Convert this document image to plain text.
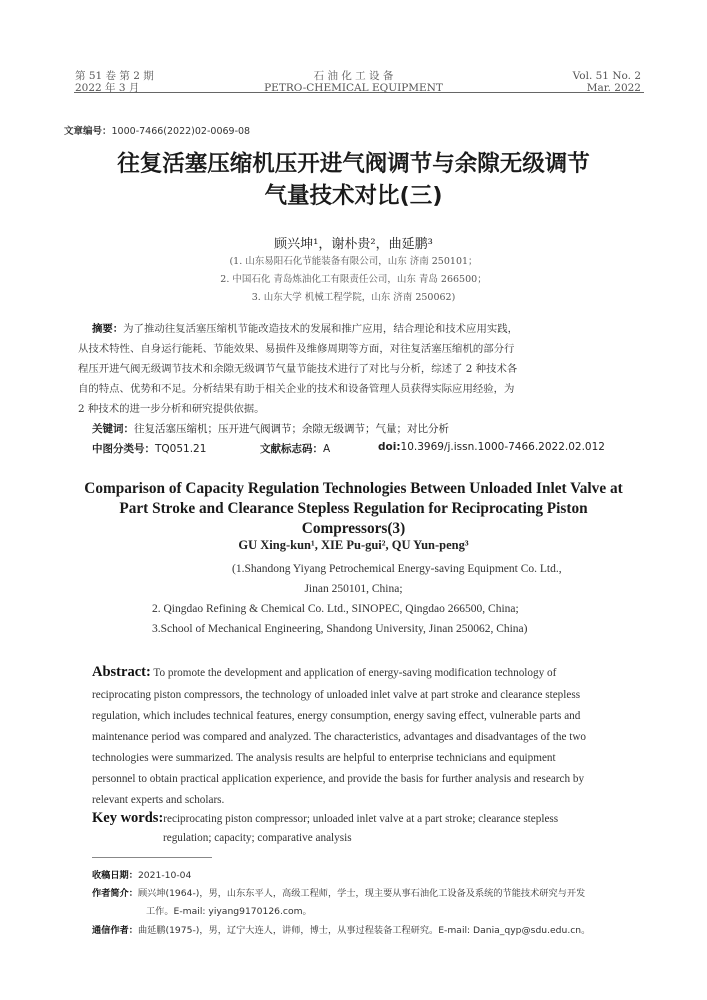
第 51 卷 第 2 期
2022 年 3 月
石 油 化 工 设 备
PETRO-CHEMICAL EQUIPMENT
Vol. 51 No. 2
Mar. 2022
文章编号：1000-7466(2022)02-0069-08
往复活塞压缩机压开进气阀调节与余隙无级调节
气量技术对比(三)
顾兴坤¹，谢朴贵²，曲延鹏³
(1. 山东易阳石化节能装备有限公司，山东 济南 250101；
2. 中国石化 青岛炼油化工有限责任公司，山东 青岛 266500；
3. 山东大学 机械工程学院，山东 济南 250062)
摘要：为了推动往复活塞压缩机节能改造技术的发展和推广应用，结合理论和技术应用实践，
从技术特性、自身运行能耗、节能效果、易损件及维修周期等方面，对往复活塞压缩机的部分行
程压开进气阀无级调节技术和余隙无级调节气量节能技术进行了对比与分析，综述了 2 种技术各
自的特点、优势和不足。分析结果有助于相关企业的技术和设备管理人员获得实际应用经验，为
2 种技术的进一步分析和研究提供依据。
关键词：往复活塞压缩机；压开进气阀调节；余隙无级调节；气量；对比分析
中图分类号：TQ051.21	文献标志码：A	doi:10.3969/j.issn.1000-7466.2022.02.012
Comparison of Capacity Regulation Technologies Between Unloaded Inlet Valve at
Part Stroke and Clearance Stepless Regulation for Reciprocating Piston
Compressors(3)
GU Xing-kun¹, XIE Pu-gui², QU Yun-peng³
(1.Shandong Yiyang Petrochemical Energy-saving Equipment Co. Ltd.,
Jinan 250101, China;
2. Qingdao Refining & Chemical Co. Ltd., SINOPEC, Qingdao 266500, China;
3.School of Mechanical Engineering, Shandong University, Jinan 250062, China)
Abstract: To promote the development and application of energy-saving modification technology of
reciprocating piston compressors, the technology of unloaded inlet valve at part stroke and clearance stepless
regulation, which includes technical features, energy consumption, energy saving effect, vulnerable parts and
maintenance period was compared and analyzed. The characteristics, advantages and disadvantages of the two
technologies were summarized. The analysis results are helpful to enterprise technicians and equipment
personnel to obtain practical application experience, and provide the basis for further analysis and research by
relevant experts and scholars.
Key words:reciprocating piston compressor; unloaded inlet valve at a part stroke; clearance stepless
regulation; capacity; comparative analysis
收稿日期：2021-10-04
作者简介：顾兴坤(1964-)，男，山东东平人，高级工程师，学士，现主要从事石油化工设备及系统的节能技术研究与开发
工作。E-mail: yiyang9170126.com。
通信作者：曲延鹏(1975-)，男，辽宁大连人，讲师，博士，从事过程装备工程研究。E-mail: Dania_qyp@sdu.edu.cn。
